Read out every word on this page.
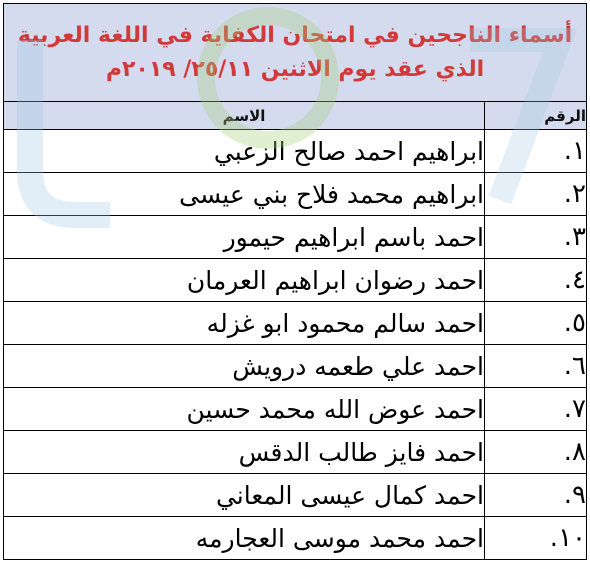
أسماء الناجحين في امتحان الكفاية في اللغة العربية
الذي عقد يوم الاثنين ٢٥/١١/ ٢٠١٩م	

الرقم	الاسم
١.	ابراهيم احمد صالح الزعبي
٢.	ابراهيم محمد فلاح بني عيسى
٣.	احمد باسم ابراهيم حيمور
٤.	احمد رضوان ابراهيم العرمان
٥.	احمد سالم محمود ابو غزله
٦.	احمد علي طعمه درويش
٧.	احمد عوض الله محمد حسين
٨.	احمد فايز طالب الدقس
٩.	احمد كمال عيسى المعاني
١٠.	احمد محمد موسى العجارمه
